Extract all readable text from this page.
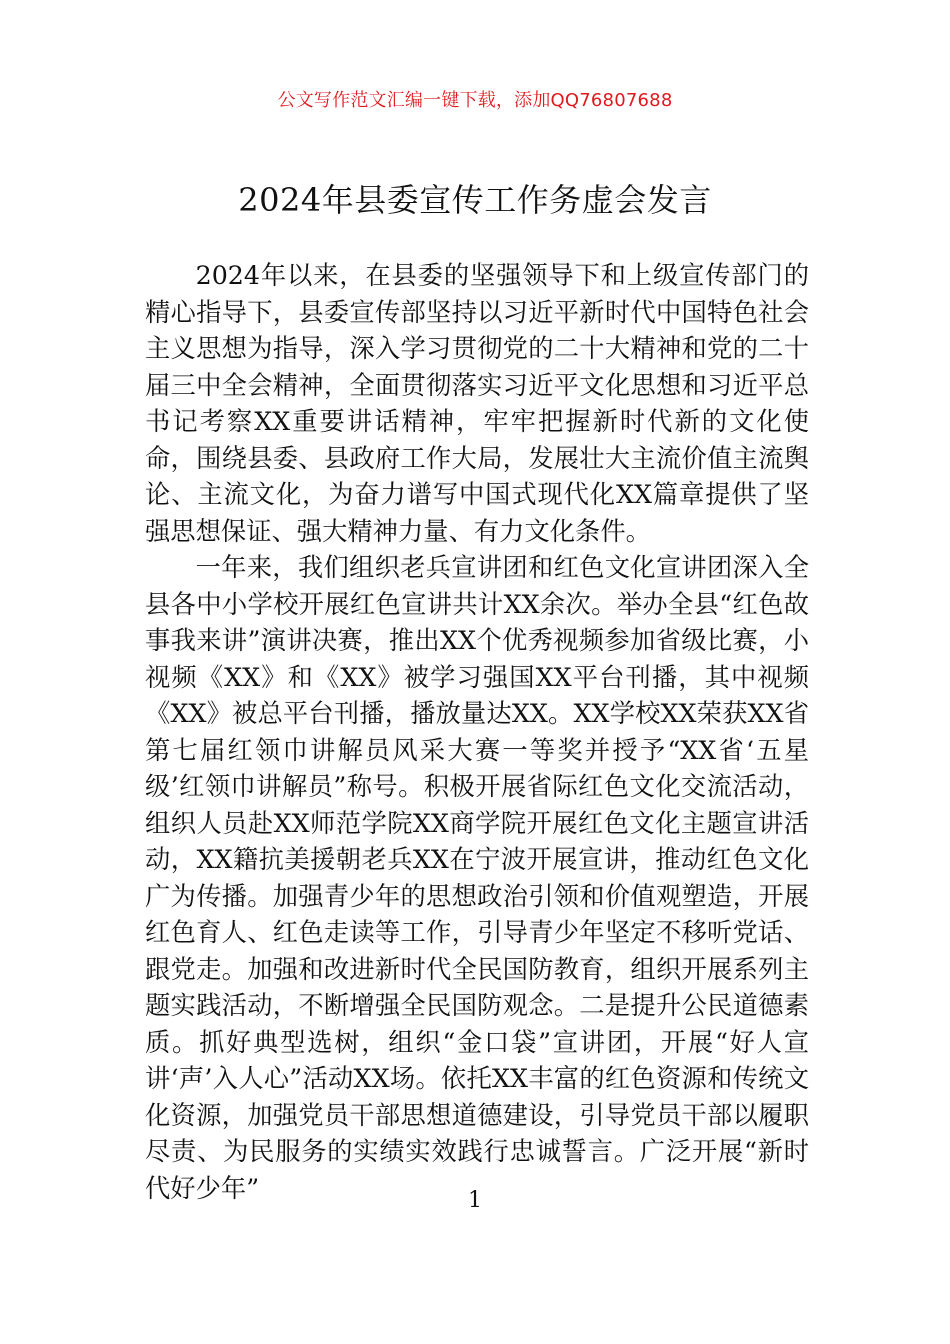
公文写作范文汇编一键下载，添加QQ76807688
2024年县委宣传工作务虚会发言

2024年以来，在县委的坚强领导下和上级宣传部门的精心指导下，县委宣传部坚持以习近平新时代中国特色社会主义思想为指导，深入学习贯彻党的二十大精神和党的二十届三中全会精神，全面贯彻落实习近平文化思想和习近平总书记考察XX重要讲话精神，牢牢把握新时代新的文化使命，围绕县委、县政府工作大局，发展壮大主流价值主流舆论、主流文化，为奋力谱写中国式现代化XX篇章提供了坚强思想保证、强大精神力量、有力文化条件。

一年来，我们组织老兵宣讲团和红色文化宣讲团深入全县各中小学校开展红色宣讲共计XX余次。举办全县“红色故事我来讲”演讲决赛，推出XX个优秀视频参加省级比赛，小视频《XX》和《XX》被学习强国XX平台刊播，其中视频《XX》被总平台刊播，播放量达XX。XX学校XX荣获XX省第七届红领巾讲解员风采大赛一等奖并授予“XX省‘五星级’红领巾讲解员”称号。积极开展省际红色文化交流活动，组织人员赴XX师范学院XX商学院开展红色文化主题宣讲活动，XX籍抗美援朝老兵XX在宁波开展宣讲，推动红色文化广为传播。加强青少年的思想政治引领和价值观塑造，开展红色育人、红色走读等工作，引导青少年坚定不移听党话、跟党走。加强和改进新时代全民国防教育，组织开展系列主题实践活动，不断增强全民国防观念。二是提升公民道德素质。抓好典型选树，组织“金口袋”宣讲团，开展“好人宣讲‘声’入人心”活动XX场。依托XX丰富的红色资源和传统文化资源，加强党员干部思想道德建设，引导党员干部以履职尽责、为民服务的实绩实效践行忠诚誓言。广泛开展“新时代好少年”	1
